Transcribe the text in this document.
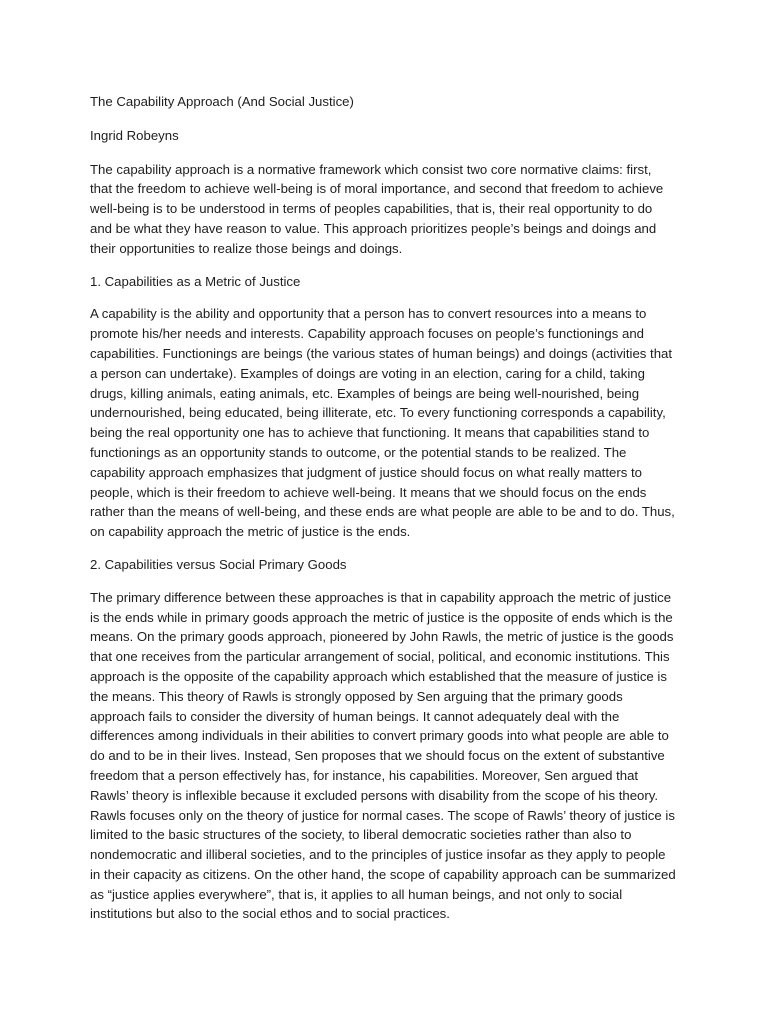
The Capability Approach (And Social Justice)

Ingrid Robeyns

The capability approach is a normative framework which consist two core normative claims: first, that the freedom to achieve well-being is of moral importance, and second that freedom to achieve well-being is to be understood in terms of peoples capabilities, that is, their real opportunity to do and be what they have reason to value. This approach prioritizes people’s beings and doings and their opportunities to realize those beings and doings.

1. Capabilities as a Metric of Justice

A capability is the ability and opportunity that a person has to convert resources into a means to promote his/her needs and interests. Capability approach focuses on people’s functionings and capabilities. Functionings are beings (the various states of human beings) and doings (activities that a person can undertake). Examples of doings are voting in an election, caring for a child, taking drugs, killing animals, eating animals, etc. Examples of beings are being well-nourished, being undernourished, being educated, being illiterate, etc. To every functioning corresponds a capability, being the real opportunity one has to achieve that functioning. It means that capabilities stand to functionings as an opportunity stands to outcome, or the potential stands to be realized. The capability approach emphasizes that judgment of justice should focus on what really matters to people, which is their freedom to achieve well-being. It means that we should focus on the ends rather than the means of well-being, and these ends are what people are able to be and to do. Thus, on capability approach the metric of justice is the ends.

2. Capabilities versus Social Primary Goods

The primary difference between these approaches is that in capability approach the metric of justice is the ends while in primary goods approach the metric of justice is the opposite of ends which is the means. On the primary goods approach, pioneered by John Rawls, the metric of justice is the goods that one receives from the particular arrangement of social, political, and economic institutions. This approach is the opposite of the capability approach which established that the measure of justice is the means. This theory of Rawls is strongly opposed by Sen arguing that the primary goods approach fails to consider the diversity of human beings. It cannot adequately deal with the differences among individuals in their abilities to convert primary goods into what people are able to do and to be in their lives. Instead, Sen proposes that we should focus on the extent of substantive freedom that a person effectively has, for instance, his capabilities. Moreover, Sen argued that Rawls’ theory is inflexible because it excluded persons with disability from the scope of his theory. Rawls focuses only on the theory of justice for normal cases. The scope of Rawls’ theory of justice is limited to the basic structures of the society, to liberal democratic societies rather than also to nondemocratic and illiberal societies, and to the principles of justice insofar as they apply to people in their capacity as citizens. On the other hand, the scope of capability approach can be summarized as “justice applies everywhere”, that is, it applies to all human beings, and not only to social institutions but also to the social ethos and to social practices.
